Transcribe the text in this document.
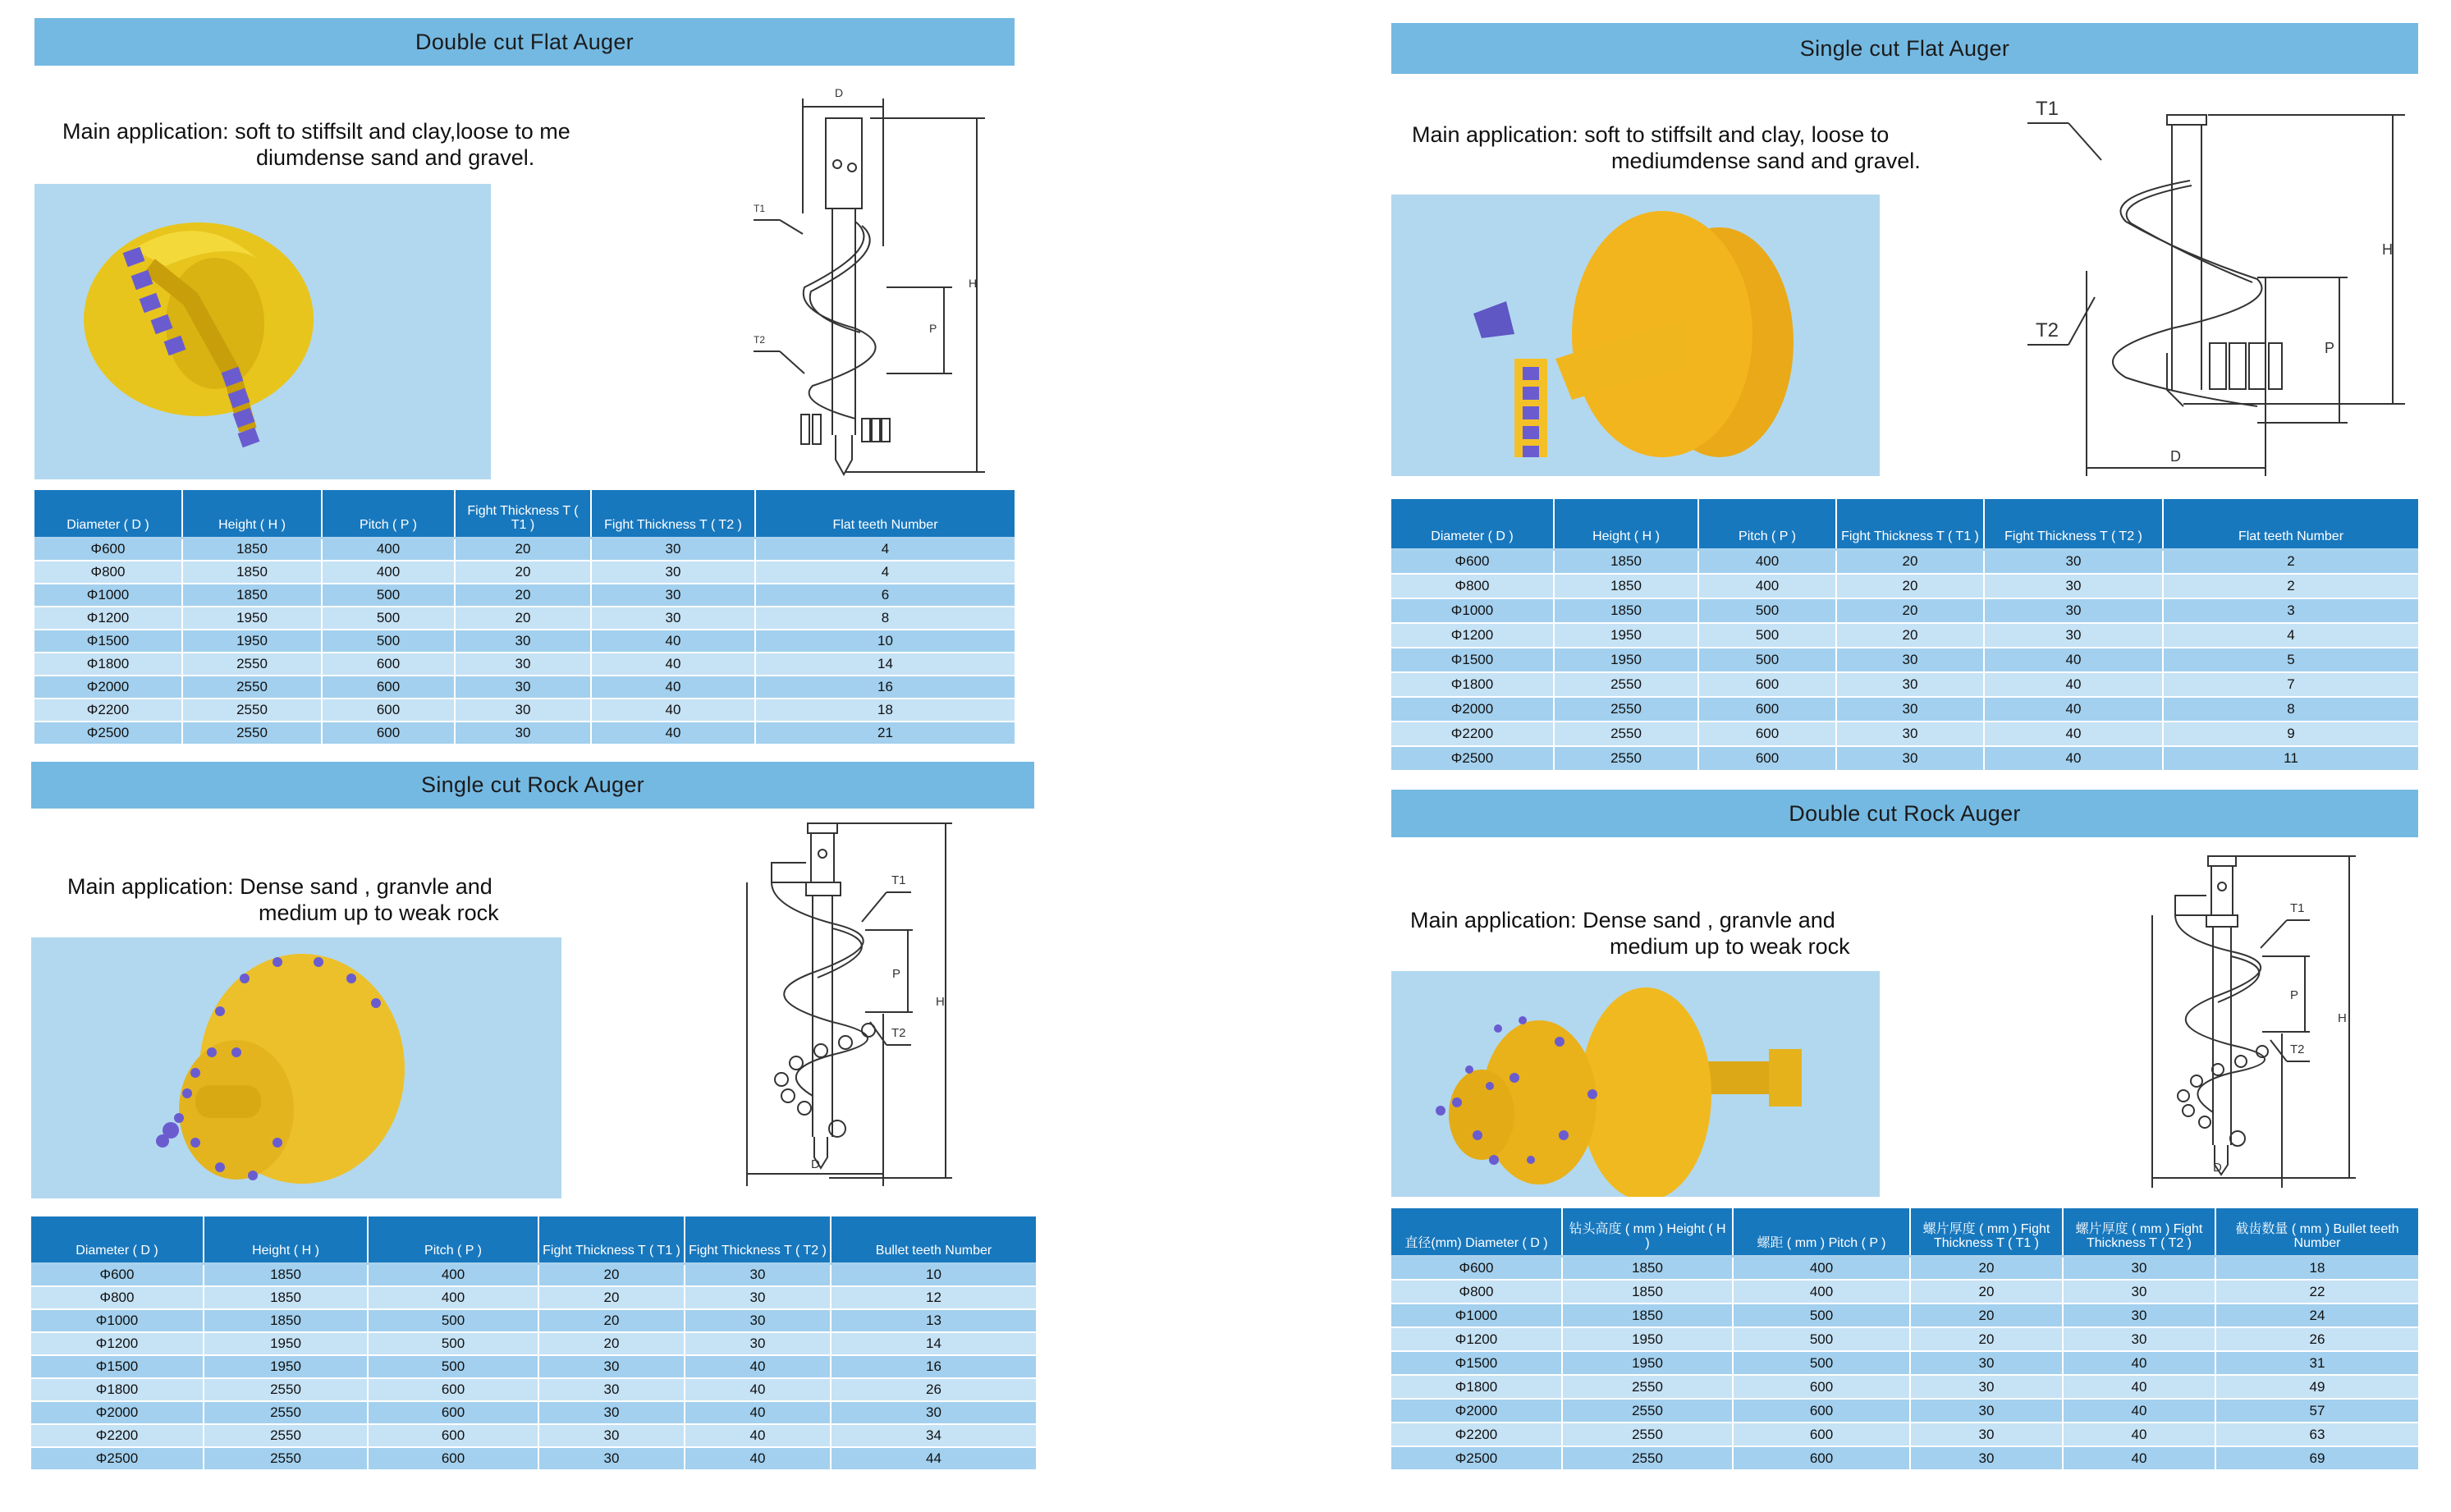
Double cut Flat Auger
Main application: soft to stiffsilt and clay,loose to me
diumdense sand and gravel.
D
H
P
T1
T2
Diameter ( D )	Height ( H )	Pitch ( P )	Fight Thickness T ( T1 )	Fight Thickness T ( T2 )	Flat teeth Number
Φ600	1850	400	20	30	4
Φ800	1850	400	20	30	4
Φ1000	1850	500	20	30	6
Φ1200	1950	500	20	30	8
Φ1500	1950	500	30	40	10
Φ1800	2550	600	30	40	14
Φ2000	2550	600	30	40	16
Φ2200	2550	600	30	40	18
Φ2500	2550	600	30	40	21
Single cut Rock Auger
Main application: Dense sand , granvle and
medium up to weak rock
H
P
T1
T2
D
Diameter ( D )	Height ( H )	Pitch ( P )	Fight Thickness T ( T1 )	Fight Thickness T ( T2 )	Bullet teeth Number
Φ600	1850	400	20	30	10
Φ800	1850	400	20	30	12
Φ1000	1850	500	20	30	13
Φ1200	1950	500	20	30	14
Φ1500	1950	500	30	40	16
Φ1800	2550	600	30	40	26
Φ2000	2550	600	30	40	30
Φ2200	2550	600	30	40	34
Φ2500	2550	600	30	40	44
Single cut Flat Auger
Main application: soft to stiffsilt and clay, loose to
mediumdense sand and gravel.
T1
H
P
T2
D
Diameter ( D )	Height ( H )	Pitch ( P )	Fight Thickness T ( T1 )	Fight Thickness T ( T2 )	Flat teeth Number
Φ600	1850	400	20	30	2
Φ800	1850	400	20	30	2
Φ1000	1850	500	20	30	3
Φ1200	1950	500	20	30	4
Φ1500	1950	500	30	40	5
Φ1800	2550	600	30	40	7
Φ2000	2550	600	30	40	8
Φ2200	2550	600	30	40	9
Φ2500	2550	600	30	40	11
Double cut Rock Auger
Main application: Dense sand , granvle and
medium up to weak rock
H
P
T1
T2
D
直径(mm) Diameter ( D )	钻头高度 ( mm ) Height ( H )	螺距 ( mm ) Pitch ( P )	螺片厚度 ( mm ) Fight Thickness T ( T1 )	螺片厚度 ( mm ) Fight Thickness T ( T2 )	截齿数量 ( mm ) Bullet teeth Number
Φ600	1850	400	20	30	18
Φ800	1850	400	20	30	22
Φ1000	1850	500	20	30	24
Φ1200	1950	500	20	30	26
Φ1500	1950	500	30	40	31
Φ1800	2550	600	30	40	49
Φ2000	2550	600	30	40	57
Φ2200	2550	600	30	40	63
Φ2500	2550	600	30	40	69
